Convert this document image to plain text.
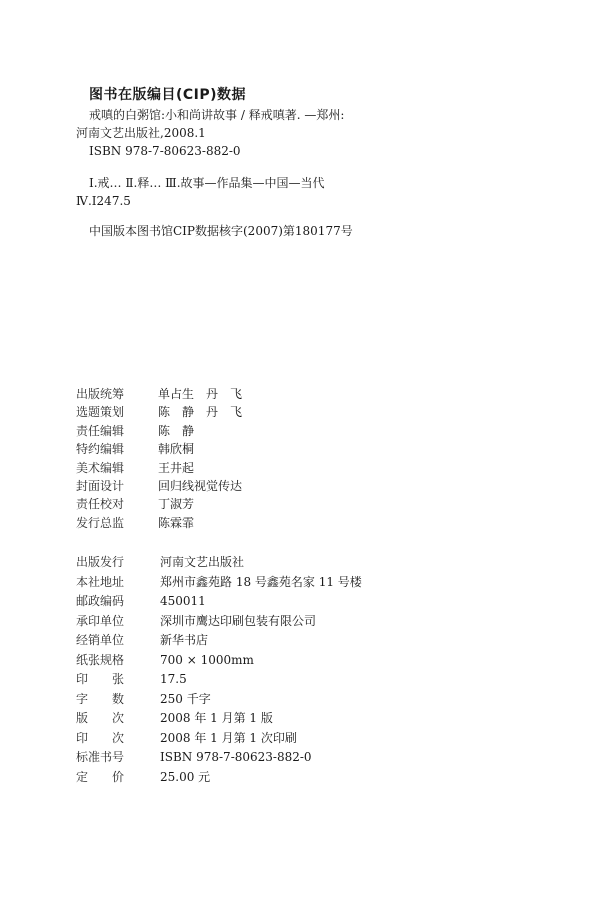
图书在版编目(CIP)数据
戒嗔的白粥馆:小和尚讲故事 / 释戒嗔著. —郑州:
河南文艺出版社,2008.1
ISBN 978-7-80623-882-0
Ⅰ.戒… Ⅱ.释… Ⅲ.故事—作品集—中国—当代
Ⅳ.I247.5
中国版本图书馆CIP数据核字(2007)第180177号
出版统筹	单占生　丹　飞
选题策划	陈　静　丹　飞
责任编辑	陈　静
特约编辑	韩欣桐
美术编辑	王井起
封面设计	回归线视觉传达
责任校对	丁淑芳
发行总监	陈霖霏
出版发行	河南文艺出版社
本社地址	郑州市鑫苑路 18 号鑫苑名家 11 号楼
邮政编码	450011
承印单位	深圳市鹰达印刷包装有限公司
经销单位	新华书店
纸张规格	700 × 1000mm
印　　张	17.5
字　　数	250 千字
版　　次	2008 年 1 月第 1 版
印　　次	2008 年 1 月第 1 次印刷
标准书号	ISBN 978-7-80623-882-0
定　　价	25.00 元
